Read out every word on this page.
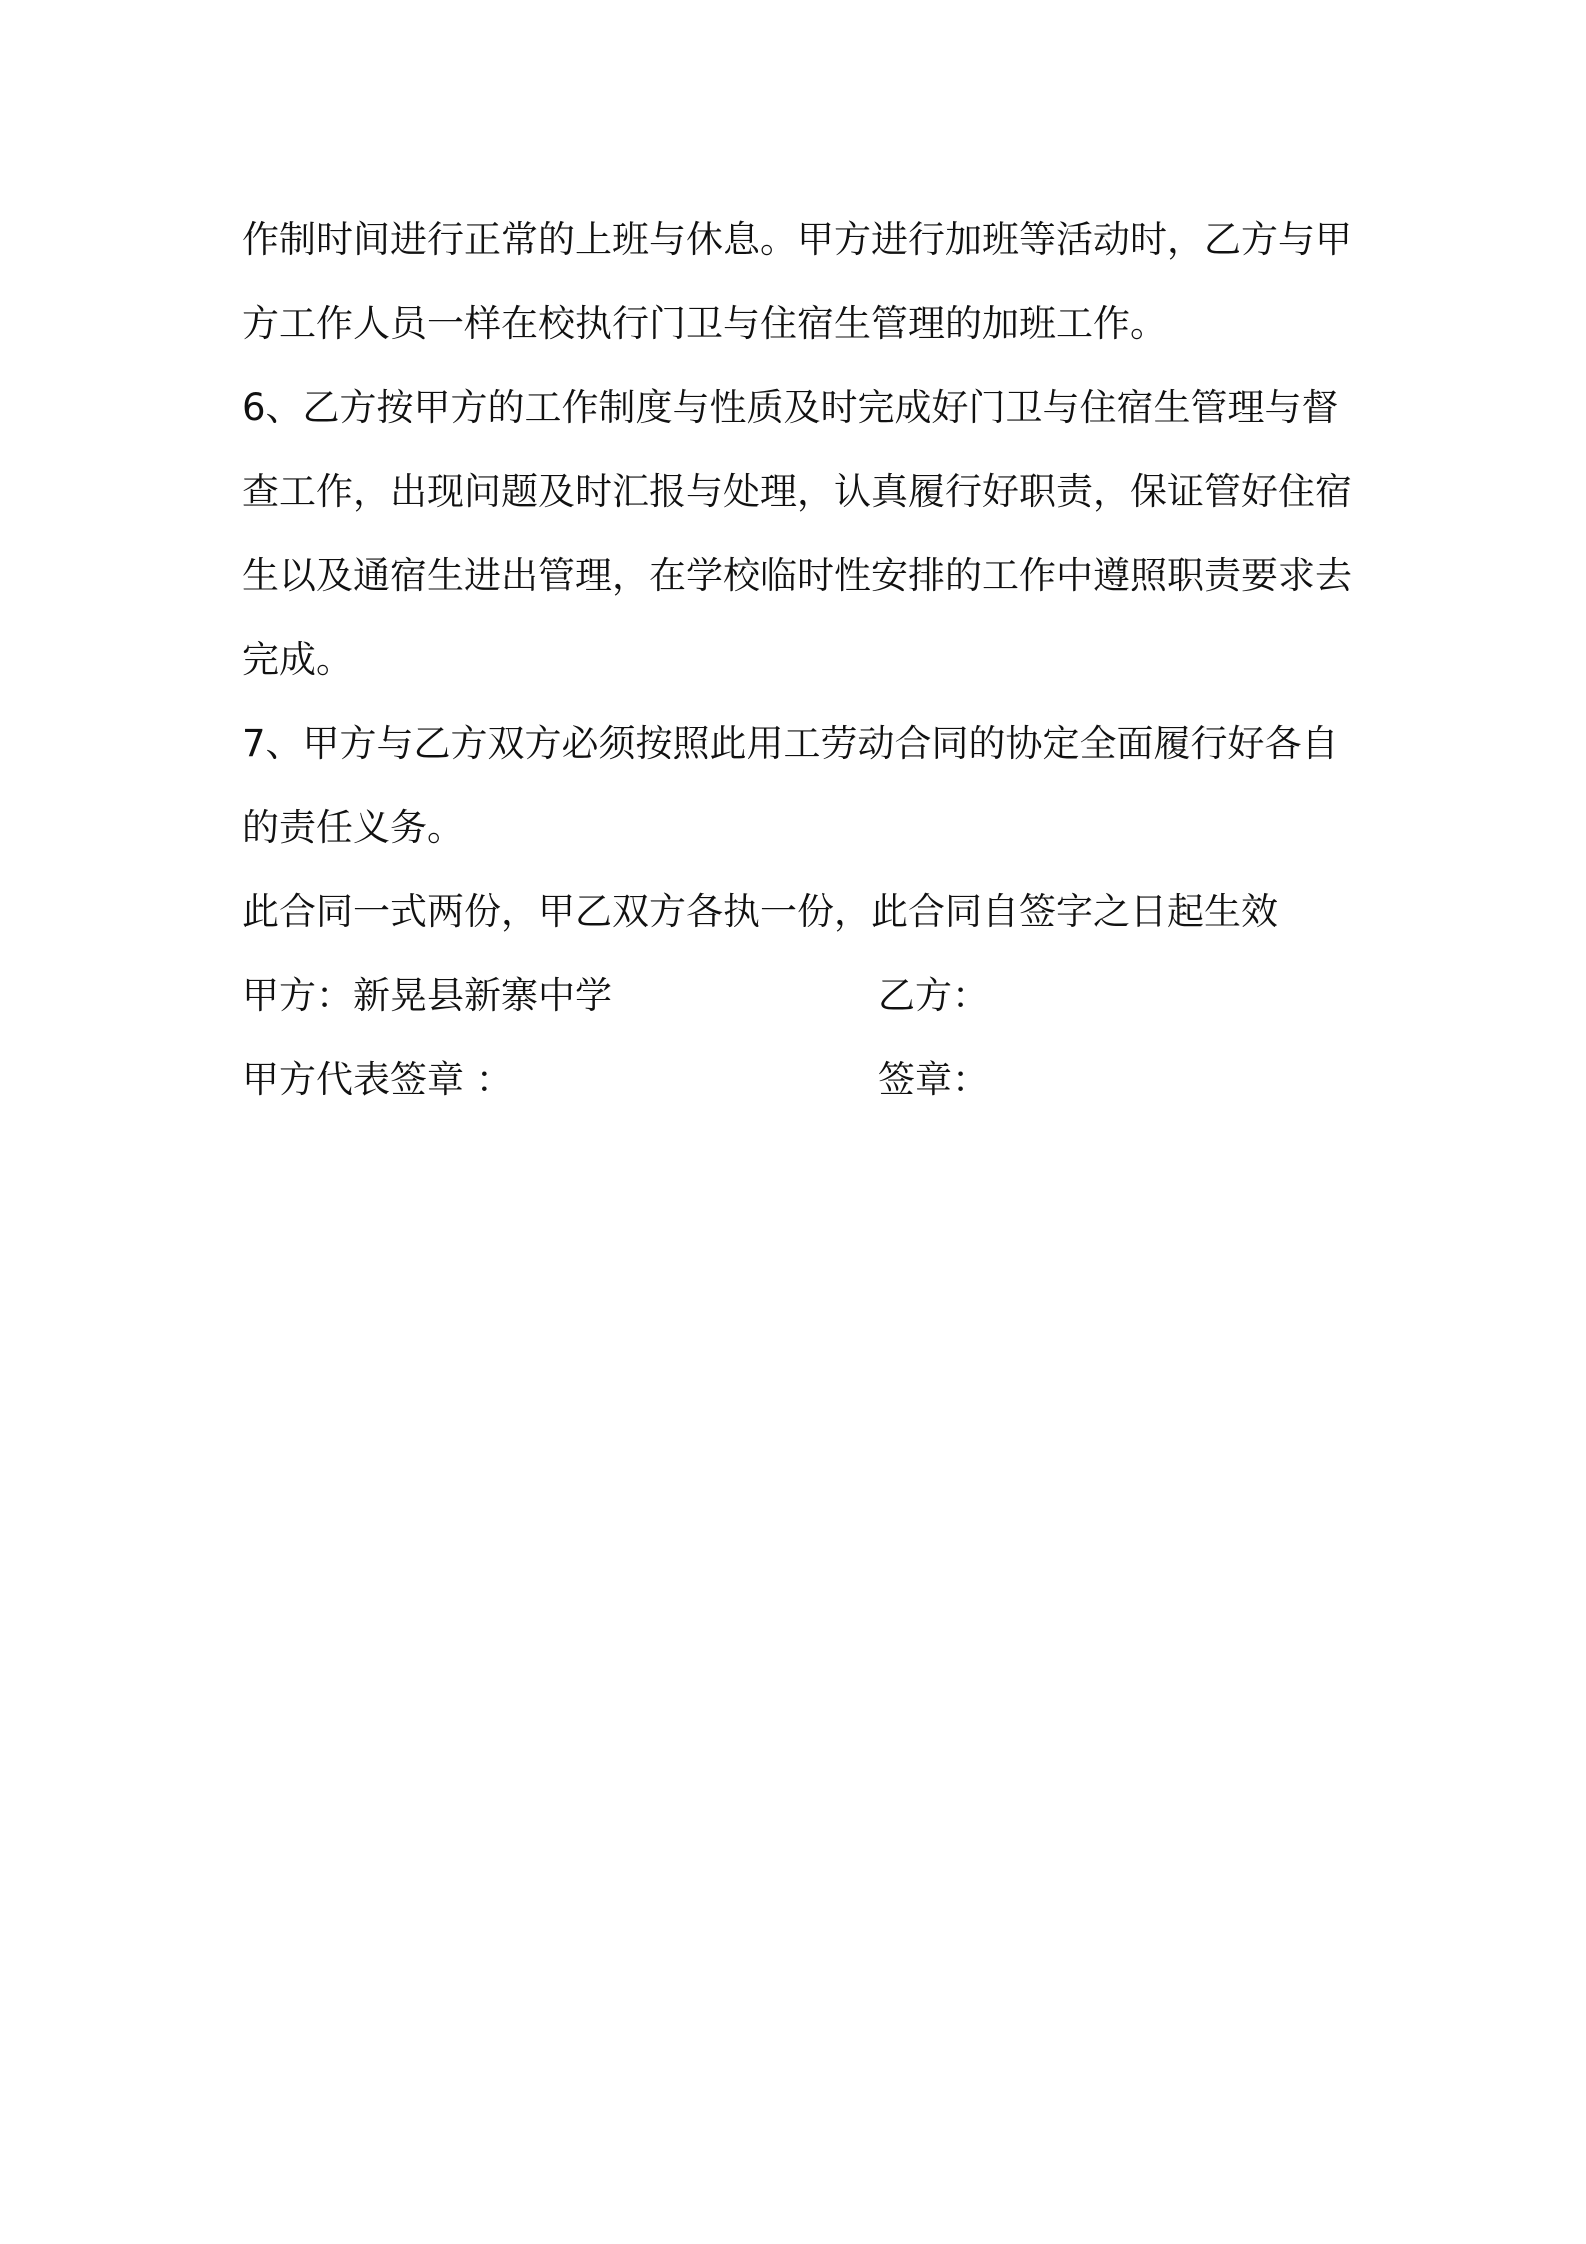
作制时间进行正常的上班与休息。甲方进行加班等活动时，乙方与甲
方工作人员一样在校执行门卫与住宿生管理的加班工作。
6、乙方按甲方的工作制度与性质及时完成好门卫与住宿生管理与督
查工作，出现问题及时汇报与处理，认真履行好职责，保证管好住宿
生以及通宿生进出管理，在学校临时性安排的工作中遵照职责要求去
完成。
7、甲方与乙方双方必须按照此用工劳动合同的协定全面履行好各自
的责任义务。
此合同一式两份，甲乙双方各执一份，此合同自签字之日起生效
甲方：新晃县新寨中学	乙方：
甲方代表签章 ：	签章：
